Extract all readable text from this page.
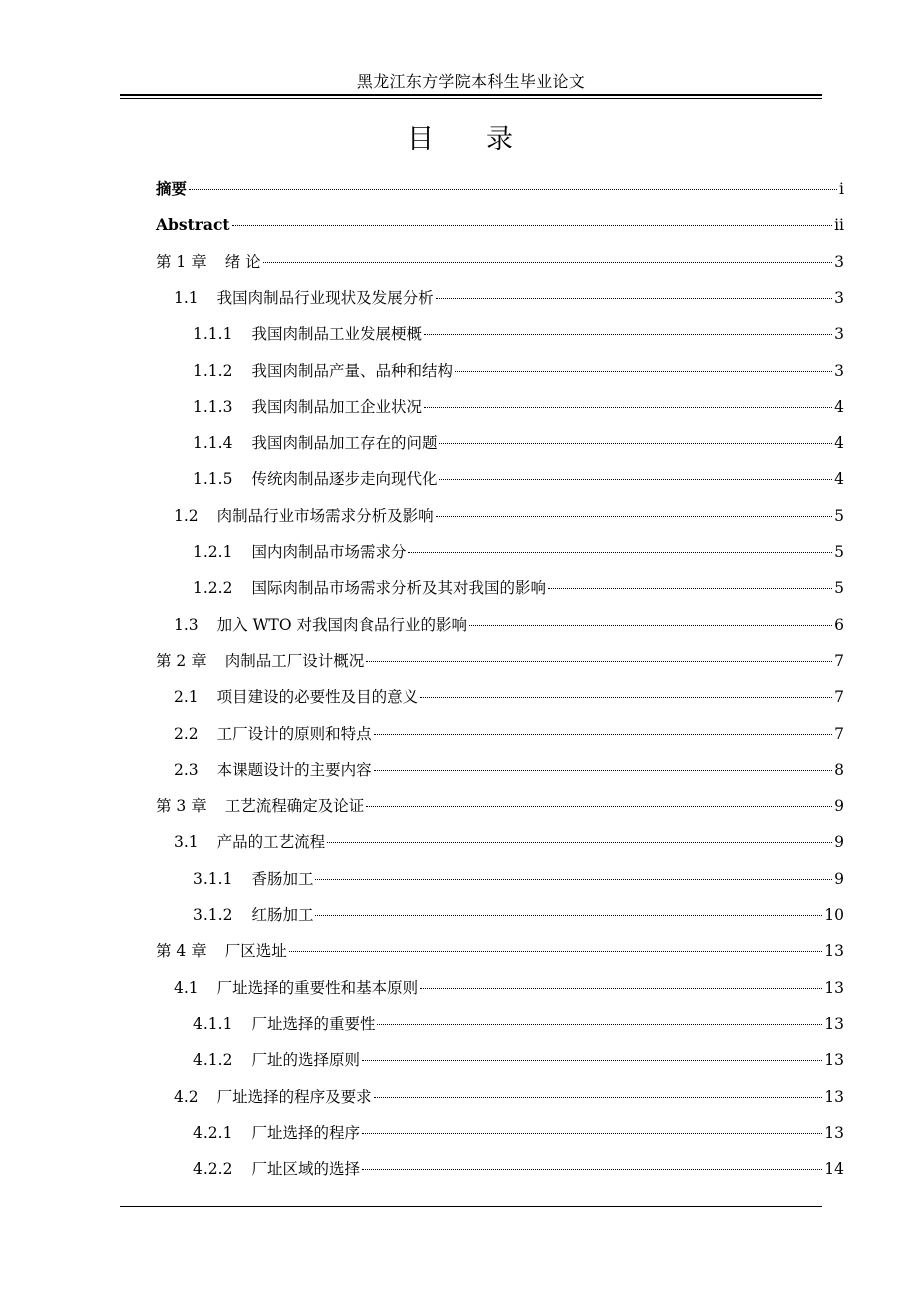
黑龙江东方学院本科生毕业论文
目录
摘要	i
Abstract	ii
第 1 章 绪 论	3
1.1 我国肉制品行业现状及发展分析	3
1.1.1 我国肉制品工业发展梗概	3
1.1.2 我国肉制品产量、品种和结构	3
1.1.3 我国肉制品加工企业状况	4
1.1.4 我国肉制品加工存在的问题	4
1.1.5 传统肉制品逐步走向现代化	4
1.2 肉制品行业市场需求分析及影响	5
1.2.1 国内肉制品市场需求分	5
1.2.2 国际肉制品市场需求分析及其对我国的影响	5
1.3 加入 WTO 对我国肉食品行业的影响	6
第 2 章 肉制品工厂设计概况	7
2.1 项目建设的必要性及目的意义	7
2.2 工厂设计的原则和特点	7
2.3 本课题设计的主要内容	8
第 3 章 工艺流程确定及论证	9
3.1 产品的工艺流程	9
3.1.1 香肠加工	9
3.1.2 红肠加工	10
第 4 章 厂区选址	13
4.1 厂址选择的重要性和基本原则	13
4.1.1 厂址选择的重要性	13
4.1.2 厂址的选择原则	13
4.2 厂址选择的程序及要求	13
4.2.1 厂址选择的程序	13
4.2.2 厂址区域的选择	14
